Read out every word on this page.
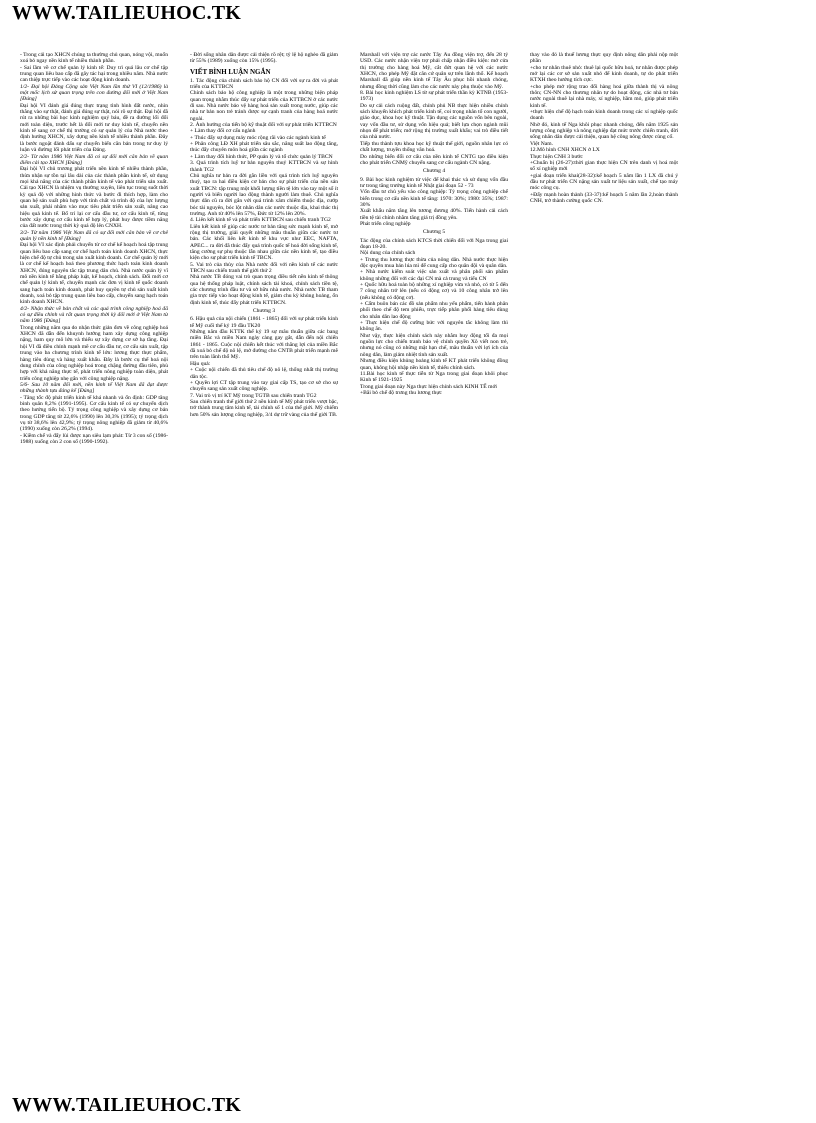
WWW.TAILIEUHOC.TK

- Trong cải tạo XHCN chúng ta thường chủ quan, nóng vội, muốn xoá bỏ ngay nền kinh tế nhiều thành phần.

- Sai lầm về cơ chế quản lý kinh tế: Duy trì quá lâu cơ chế tập trung quan liêu bao cấp đã gây tác hại trong nhiều năm. Nhà nước can thiệp trực tiếp vào các hoạt động kinh doanh.

1/2- Đại hội Đảng Cộng sản Việt Nam lần thứ VI (12/1986) là một mốc lịch sử quan trọng trên con đường đổi mới ở Việt Nam [Đúng]

Đại hội VI đánh giá đúng thực trạng tình hình đất nước, nhìn thẳng vào sự thật, đánh giá đúng sự thật, nói rõ sự thật. Đại hội đã rút ra những bài học kinh nghiệm quý báu, đề ra đường lối đổi mới toàn diện, trước hết là đổi mới tư duy kinh tế, chuyển nền kinh tế sang cơ chế thị trường có sự quản lý của Nhà nước theo định hướng XHCN, xây dựng nền kinh tế nhiều thành phần. Đây là bước ngoặt đánh dấu sự chuyển biến căn bản trong tư duy lý luận và đường lối phát triển của Đảng.

2/2- Từ năm 1986 Việt Nam đã có sự đổi mới căn bản về quan điểm cải tạo XHCN [Đúng]

Đại hội VI chủ trương phát triển nền kinh tế nhiều thành phần, thừa nhận sự tồn tại lâu dài của các thành phần kinh tế, sử dụng mọi khả năng của các thành phần kinh tế vào phát triển sản xuất. Cải tạo XHCN là nhiệm vụ thường xuyên, liên tục trong suốt thời kỳ quá độ với những hình thức và bước đi thích hợp, làm cho quan hệ sản xuất phù hợp với tính chất và trình độ của lực lượng sản xuất, phải nhằm vào mục tiêu phát triển sản xuất, nâng cao hiệu quả kinh tế. Bố trí lại cơ cấu đầu tư, cơ cấu kinh tế, từng bước xây dựng cơ cấu kinh tế hợp lý, phát huy được tiềm năng của đất nước trong thời kỳ quá độ lên CNXH.

3/2- Từ năm 1986 Việt Nam đã có sự đổi mới căn bản về cơ chế quản lý nền kinh tế [Đúng]

Đại hội VI xác định phải chuyển từ cơ chế kế hoạch hoá tập trung quan liêu bao cấp sang cơ chế hạch toán kinh doanh XHCN, thực hiện chế độ tự chủ trong sản xuất kinh doanh. Cơ chế quản lý mới là cơ chế kế hoạch hoá theo phương thức hạch toán kinh doanh XHCN, đúng nguyên tắc tập trung dân chủ. Nhà nước quản lý vĩ mô nền kinh tế bằng pháp luật, kế hoạch, chính sách. Đổi mới cơ chế quản lý kinh tế, chuyển mạnh các đơn vị kinh tế quốc doanh sang hạch toán kinh doanh, phát huy quyền tự chủ sản xuất kinh doanh, xoá bỏ tập trung quan liêu bao cấp, chuyển sang hạch toán kinh doanh XHCN.

4/2- Nhận thức về bản chất và các quá trình công nghiệp hoá đã có sự điều chỉnh và rất quan trọng thời kỳ đổi mới ở Việt Nam từ năm 1986 [Đúng]

Trong những năm qua do nhận thức giản đơn về công nghiệp hoá XHCN đã dẫn đến khuynh hướng ham xây dựng công nghiệp nặng, ham quy mô lớn và thiếu sự xây dựng cơ sở hạ tầng. Đại hội VI đã điều chỉnh mạnh mẽ cơ cấu đầu tư, cơ cấu sản xuất, tập trung vào ba chương trình kinh tế lớn: lương thực thực phẩm, hàng tiêu dùng và hàng xuất khẩu. Đây là bước cụ thể hoá nội dung chính của công nghiệp hoá trong chặng đường đầu tiên, phù hợp với khả năng thực tế, phát triển nông nghiệp toàn diện, phát triển công nghiệp nhẹ gắn với công nghiệp nặng.

5/6- Sau 10 năm đổi mới, nền kinh tế Việt Nam đã đạt được những thành tựu đáng kể [Đúng]

- Tăng tốc độ phát triển kinh tế khá nhanh và ổn định: GDP tăng bình quân 8,2% (1991-1995). Cơ cấu kinh tế có sự chuyển dịch theo hướng tiến bộ. Tỷ trọng công nghiệp và xây dựng cơ bản trong GDP tăng từ 22,6% (1990) lên 30,3% (1995); tỷ trọng dịch vụ từ 38,6% lên 42,9%; tỷ trọng nông nghiệp đã giảm từ 40,6% (1990) xuống còn 26,2% (1994).

- Kiềm chế và đẩy lùi được nạn siêu lạm phát: Từ 3 con số (1986-1988) xuống còn 2 con số (1990-1992).

- Đời sống nhân dân được cải thiện rõ rệt; tỷ lệ hộ nghèo đã giảm từ 55% (1989) xuống còn 15% (1995).

VIẾT BÌNH LUẬN NGẮN

1. Tác động của chính sách bảo hộ CN đối với sự ra đời và phát triển của KTTBCN

Chính sách bảo hộ công nghiệp là một trong những biện pháp quan trọng nhằm thúc đẩy sự phát triển của KTTBCN ở các nước đi sau. Nhà nước bảo vệ hàng hoá sản xuất trong nước, giúp các nhà tư bản non trẻ tránh được sự cạnh tranh của hàng hoá nước ngoài.

2. Ảnh hưởng của tiến bộ kỹ thuật đối với sự phát triển KTTBCN

+ Làm thay đổi cơ cấu ngành

+ Thúc đẩy sự dụng máy móc rộng rãi vào các ngành kinh tế

+ Phân công LĐ XH phát triển sâu sắc, năng suất lao động tăng, thúc đẩy chuyên môn hoá giữa các ngành

+ Làm thay đổi hình thức, PP quản lý và tổ chức quản lý TBCN

3. Quá trình tích luỹ tư bản nguyên thuỷ KTTBCN và sự hình thành TG2

Chủ nghĩa tư bản ra đời gắn liền với quá trình tích luỹ nguyên thuỷ, tạo ra hai điều kiện cơ bản cho sự phát triển của nền sản xuất TBCN: tập trung một khối lượng tiền tệ lớn vào tay một số ít người và biến người lao động thành người làm thuê. Chủ nghĩa thực dân cũ ra đời gắn với quá trình xâm chiếm thuộc địa, cướp bóc tài nguyên, bóc lột nhân dân các nước thuộc địa, khai thác thị trường. Anh từ 40% lên 57%, Đức từ 12% lên 20%.

4. Liên kết kinh tế và phát triển KTTBCN sau chiến tranh TG2

Liên kết kinh tế giúp các nước tư bản tăng sức mạnh kinh tế, mở rộng thị trường, giải quyết những mâu thuẫn giữa các nước tư bản. Các khối liên kết kinh tế khu vực như EEC, NAFTA, APEC... ra đời đã thúc đẩy quá trình quốc tế hoá đời sống kinh tế, tăng cường sự phụ thuộc lẫn nhau giữa các nền kinh tế, tạo điều kiện cho sự phát triển kinh tế TBCN.

5. Vai trò của thủy của Nhà nước đối với nền kinh tế các nước TBCN sau chiến tranh thế giới thứ 2

Nhà nước TB đóng vai trò quan trọng điều tiết nền kinh tế thông qua hệ thống pháp luật, chính sách tài khoá, chính sách tiền tệ, các chương trình đầu tư và sở hữu nhà nước. Nhà nước TB tham gia trực tiếp vào hoạt động kinh tế, giảm chu kỳ khủng hoảng, ổn định kinh tế, thúc đẩy phát triển KTTBCN.

Chương 3

6. Hậu quả của nội chiến (1861 - 1865) đối với sự phát triển kinh tế Mỹ cuối thế kỷ 19 đầu TK20

Những năm đầu KTTK thế kỷ 19 sự mâu thuẫn giữa các bang miền Bắc và miền Nam ngày càng gay gắt, dẫn đến nội chiến 1861 - 1865. Cuộc nội chiến kết thúc với thắng lợi của miền Bắc đã xoá bỏ chế độ nô lệ, mở đường cho CNTB phát triển mạnh mẽ trên toàn lãnh thổ Mỹ.

Hậu quả:

+ Cuộc nội chiến đã thủ tiêu chế độ nô lệ, thống nhất thị trường dân tộc.

+ Quyền lợi CT tập trung vào tay giai cấp TS, tạo cơ sở cho sự chuyển sang sản xuất công nghiệp.

7. Vai trò vị trí KT Mỹ trong TGTB sau chiến tranh TG2

Sau chiến tranh thế giới thứ 2 nền kinh tế Mỹ phát triển vượt bậc, trở thành trung tâm kinh tế, tài chính số 1 của thế giới. Mỹ chiếm hơn 50% sản lượng công nghiệp, 3/4 dự trữ vàng của thế giới TB.

Marshall với viện trợ các nước Tây Âu đồng viện trợ, đến 28 tỷ USD. Các nước nhận viện trợ phải chấp nhận điều kiện: mở cửa thị trường cho hàng hoá Mỹ, cắt đứt quan hệ với các nước XHCN, cho phép Mỹ đặt căn cứ quân sự trên lãnh thổ. Kế hoạch Marshall đã giúp nền kinh tế Tây Âu phục hồi nhanh chóng, nhưng đồng thời cũng làm cho các nước này phụ thuộc vào Mỹ.

8. Bài học kinh nghiệm LS từ sự phát triển thần kỳ KTNB (1953-1973)

Do sự cải cách ruộng đất, chính phủ NB thực hiện nhiều chính sách khuyến khích phát triển kinh tế, coi trọng nhân tố con người, giáo dục, khoa học kỹ thuật. Tận dụng các nguồn vốn bên ngoài, vay vốn đầu tư, sử dụng vốn hiệu quả; biết lựa chọn ngành mũi nhọn để phát triển; mở rộng thị trường xuất khẩu; vai trò điều tiết của nhà nước.

Tiếp thu thành tựu khoa học kỹ thuật thế giới, nguồn nhân lực có chất lượng, truyền thống văn hoá.

Do những biến đổi cơ cấu của nền kinh tế CNTG tạo điều kiện cho phát triển CNMỹ chuyển sang cơ cấu ngành CN nặng.

Chương 4

9. Bài học kinh nghiệm từ việc để khai thác và sử dụng vốn đầu tư trong tăng trưởng kinh tế Nhật giai đoạn 52 - 73

Vốn đầu tư chủ yếu vào công nghiệp: Tỷ trọng công nghiệp chế biến trong cơ cấu nền kinh tế tăng: 1970: 30%; 1980: 35%; 1987: 30%

Xuất khẩu năm tăng lên tương đương 40%. Tiến hành cải cách tiền tệ tài chính nhằm tăng giá trị đồng yên.

Phát triển công nghiệp

Chương 5

Tác động của chính sách KTCS thời chiến đối với Nga trong giai đoạn 18-20.

Nội dung của chính sách

+ Trưng thu lương thực thừa của nông dân. Nhà nước thực hiện độc quyền mua bán lúa mì để cung cấp cho quân đội và quân dân.

+ Nhà nước kiểm soát việc sản xuất và phân phối sản phẩm không những đối với các đại CN mà cả trung và tiểu CN

+ Quốc hữu hoá toàn bộ những xí nghiệp vừa và nhỏ, có từ 5 đến 7 công nhân trở lên (nếu có động cơ) và 10 công nhân trở lên (nếu không có động cơ).

+ Cấm buôn bán các đồ sản phẩm nhu yếu phẩm, tiến hành phân phối theo chế độ tem phiếu, trực tiếp phân phối hàng tiêu dùng cho nhân dân lao động

+ Thực hiện chế độ cưỡng bức với nguyên tắc không làm thì không ăn.

Như vậy, thực hiện chính sách này nhằm huy động tối đa mọi nguồn lực cho chiến tranh bảo vệ chính quyền Xô viết non trẻ, nhưng nó cũng có những mặt hạn chế, mâu thuẫn với lợi ích của nông dân, làm giảm nhiệt tình sản xuất.

Nhưng điều kiện khủng hoảng kinh tế KT phát triển không đồng quan, không hội nhập nền kinh tế, thiếu chính sách.

11.Bài học kinh tế thực tiễn từ Nga trong giai đoạn khôi phục Kinh tế 1921-1925

Trong giai đoạn này Nga thực hiện chính sách KINH TẾ mới

+Bãi bỏ chế độ trưng thu lương thực

thay vào đó là thuế lương thực quy định nông dân phải nộp một phần

+cho tư nhân thuê nhỏ: thuê lại quốc hữu hoá, tư nhân được phép mở lại các cơ sở sản xuất nhỏ để kinh doanh, tự do phát triển KTXH theo hướng tích cực.

+cho phép mở rộng trao đổi hàng hoá giữa thành thị và nông thôn; CN-NN cho thương nhân tự do hoạt động, các nhà tư bản nước ngoài thuê lại nhà máy, xí nghiệp, hầm mỏ, giúp phát triển kinh tế.

+thực hiện chế độ hạch toán kinh doanh trong các xí nghiệp quốc doanh

Nhờ đó, kinh tế Nga khôi phục nhanh chóng, đến năm 1925 sản lượng công nghiệp và nông nghiệp đạt mức trước chiến tranh, đời sống nhân dân được cải thiện, quan hệ công nông được củng cố.

Việt Nam.

12.Mô hình CNH XHCN ở LX

Thực hiện CNH 3 bước

+Chuẩn bị (26-27):thời gian thực hiện CN trên danh vị hoá một số xí nghiệp mới

+giai đoạn triển khai(28-32):kế hoạch 5 năm lần 1 LX đã chú ý đầu tư phát triển CN nặng sản xuất tư liệu sản xuất, chế tạo máy móc công cụ.

+Đẩy mạnh hoàn thành (33-37):kế hoạch 5 năm lần 2,hoàn thành CNH, trở thành cường quốc CN.

WWW.TAILIEUHOC.TK
